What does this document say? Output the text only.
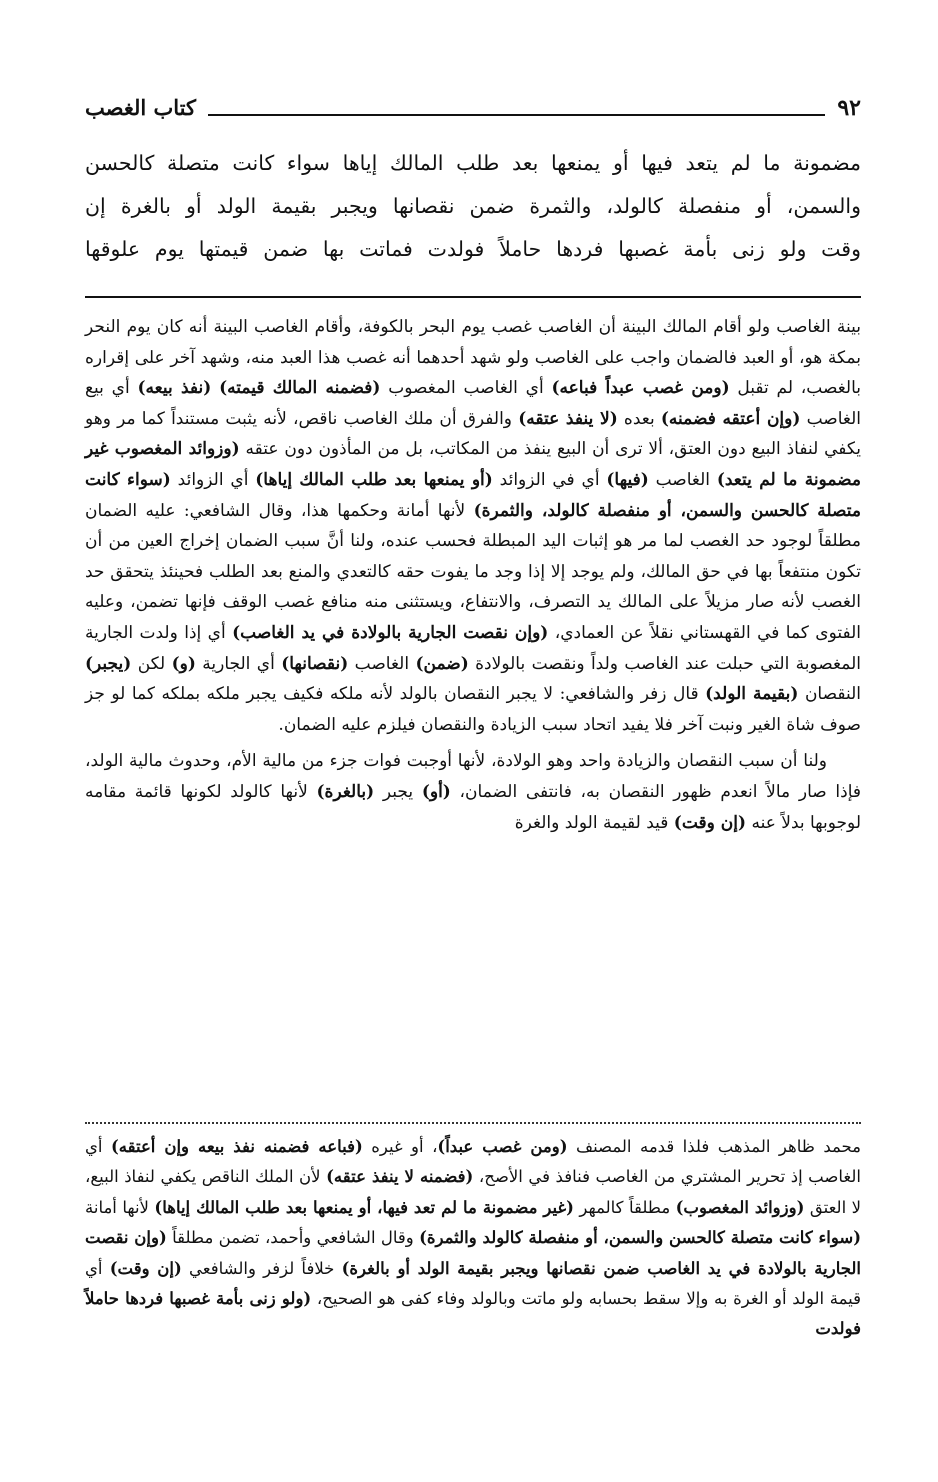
٩٢
كتاب الغصب

مضمونة ما لم يتعد فيها أو يمنعها بعد طلب المالك إياها سواء كانت متصلة كالحسن

والسمن، أو منفصلة كالولد، والثمرة ضمن نقصانها ويجبر بقيمة الولد أو بالغرة إن

وقت ولو زنى بأمة غصبها فردها حاملاً فولدت فماتت بها ضمن قيمتها يوم علوقها

بينة الغاصب ولو أقام المالك البينة أن الغاصب غصب يوم البحر بالكوفة، وأقام الغاصب البينة أنه كان يوم النحر بمكة هو، أو العبد فالضمان واجب على الغاصب ولو شهد أحدهما أنه غصب هذا العبد منه، وشهد آخر على إقراره بالغصب، لم تقبل (ومن غصب عبداً فباعه) أي الغاصب المغصوب (فضمنه المالك قيمته) (نفذ بيعه) أي بيع الغاصب (وإن أعتقه فضمنه) بعده (لا ينفذ عتقه) والفرق أن ملك الغاصب ناقص، لأنه يثبت مستنداً كما مر وهو يكفي لنفاذ البيع دون العتق، ألا ترى أن البيع ينفذ من المكاتب، بل من المأذون دون عتقه (وزوائد المغصوب غير مضمونة ما لم يتعد) الغاصب (فيها) أي في الزوائد (أو يمنعها بعد طلب المالك إياها) أي الزوائد (سواء كانت متصلة كالحسن والسمن، أو منفصلة كالولد، والثمرة) لأنها أمانة وحكمها هذا، وقال الشافعي: عليه الضمان مطلقاً لوجود حد الغصب لما مر هو إثبات اليد المبطلة فحسب عنده، ولنا أنَّ سبب الضمان إخراج العين من أن تكون منتفعاً بها في حق المالك، ولم يوجد إلا إذا وجد ما يفوت حقه كالتعدي والمنع بعد الطلب فحينئذ يتحقق حد الغصب لأنه صار مزيلاً على المالك يد التصرف، والانتفاع، ويستثنى منه منافع غصب الوقف فإنها تضمن، وعليه الفتوى كما في القهستاني نقلاً عن العمادي، (وإن نقصت الجارية بالولادة في يد الغاصب) أي إذا ولدت الجارية المغصوبة التي حبلت عند الغاصب ولداً ونقصت بالولادة (ضمن) الغاصب (نقصانها) أي الجارية (و) لكن (يجبر) النقصان (بقيمة الولد) قال زفر والشافعي: لا يجبر النقصان بالولد لأنه ملكه فكيف يجبر ملكه بملكه كما لو جز صوف شاة الغير ونبت آخر فلا يفيد اتحاد سبب الزيادة والنقصان فيلزم عليه الضمان.

ولنا أن سبب النقصان والزيادة واحد وهو الولادة، لأنها أوجبت فوات جزء من مالية الأم، وحدوث مالية الولد، فإذا صار مالاً انعدم ظهور النقصان به، فانتفى الضمان، (أو) يجبر (بالغرة) لأنها كالولد لكونها قائمة مقامه لوجوبها بدلاً عنه (إن وقت) قيد لقيمة الولد والغرة

محمد ظاهر المذهب فلذا قدمه المصنف (ومن غصب عبداً)، أو غيره (فباعه فضمنه نفذ بيعه وإن أعتقه) أي الغاصب إذ تحرير المشتري من الغاصب فنافذ في الأصح، (فضمنه لا ينفذ عتقه) لأن الملك الناقص يكفي لنفاذ البيع، لا العتق (وزوائد المغصوب) مطلقاً كالمهر (غير مضمونة ما لم تعد فيها، أو يمنعها بعد طلب المالك إياها) لأنها أمانة (سواء كانت متصلة كالحسن والسمن، أو منفصلة كالولد والثمرة) وقال الشافعي وأحمد، تضمن مطلقاً (وإن نقصت الجارية بالولادة في يد الغاصب ضمن نقصانها ويجبر بقيمة الولد أو بالغرة) خلافاً لزفر والشافعي (إن وقت) أي قيمة الولد أو الغرة به وإلا سقط بحسابه ولو ماتت وبالولد وفاء كفى هو الصحيح، (ولو زنى بأمة غصبها فردها حاملاً فولدت
